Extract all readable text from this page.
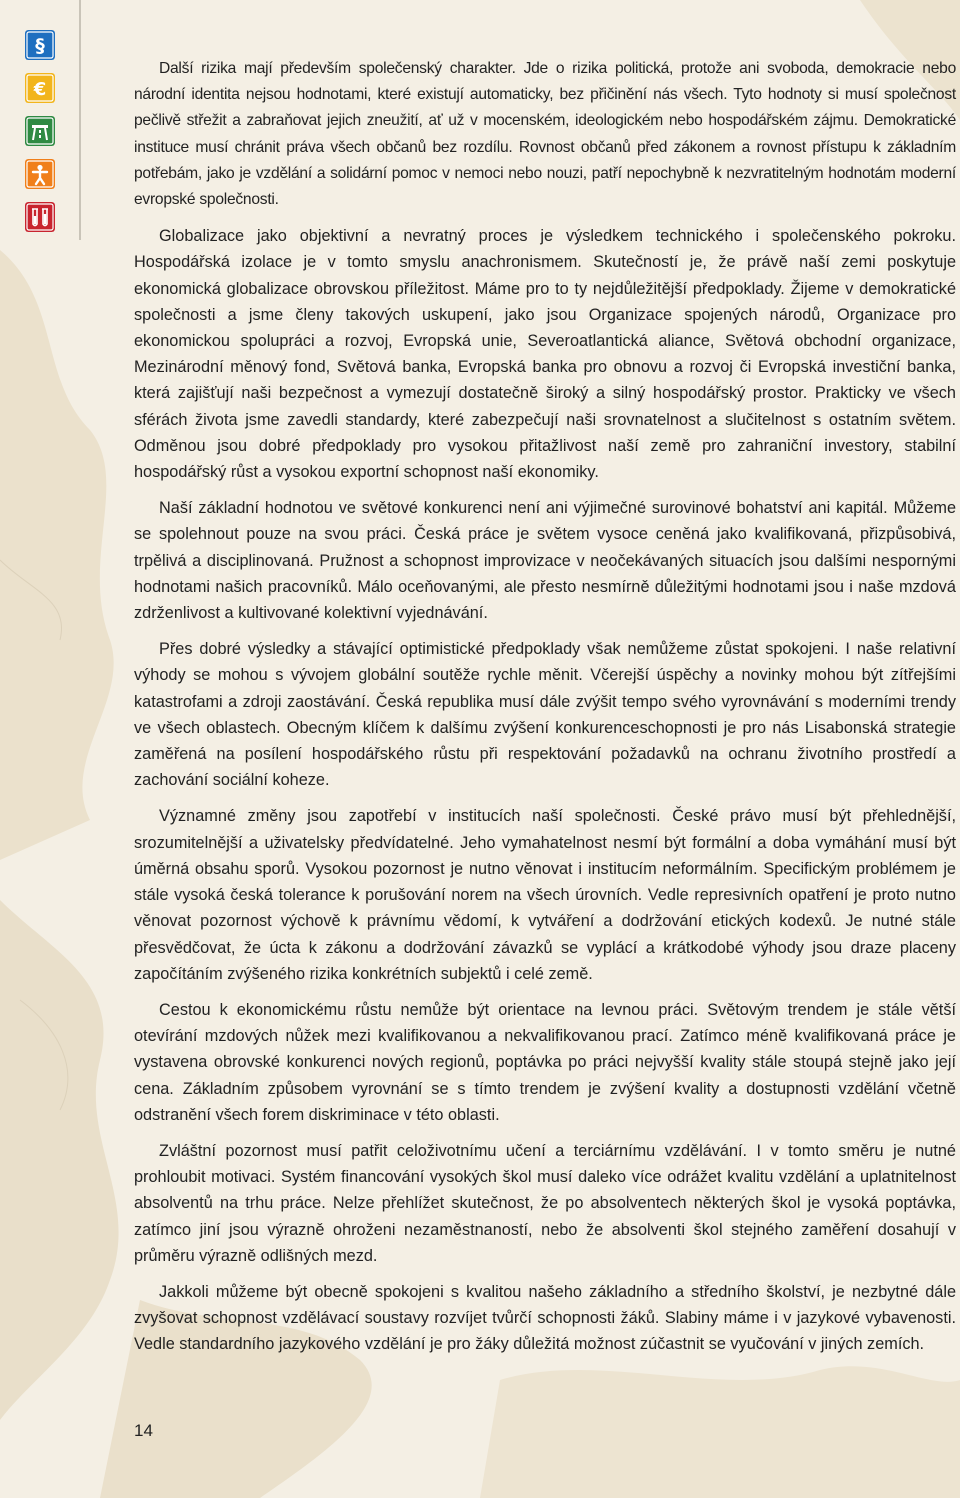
§
€

Další rizika mají především společenský charakter. Jde o rizika politická, protože ani svoboda, demokracie nebo národní identita nejsou hodnotami, které existují automaticky, bez přičinění nás všech. Tyto hodnoty si musí společnost pečlivě střežit a zabraňovat jejich zneužití, ať už v mocenském, ideologickém nebo hospodářském zájmu. Demokratické instituce musí chránit práva všech občanů bez rozdílu. Rovnost občanů před zákonem a rovnost přístupu k základním potřebám, jako je vzdělání a solidární pomoc v nemoci nebo nouzi, patří nepochybně k nezvratitelným hodnotám moderní evropské společnosti.

Globalizace jako objektivní a nevratný proces je výsledkem technického i společenského pokroku. Hospodářská izolace je v tomto smyslu anachronismem. Skutečností je, že právě naší zemi poskytuje ekonomická globalizace obrovskou příležitost. Máme pro to ty nejdůležitější předpoklady. Žijeme v demokratické společnosti a jsme členy takových uskupení, jako jsou Organizace spojených národů, Organizace pro ekonomickou spolupráci a rozvoj, Evropská unie, Severoatlantická aliance, Světová obchodní organizace, Mezinárodní měnový fond, Světová banka, Evropská banka pro obnovu a rozvoj či Evropská investiční banka, která zajišťují naši bezpečnost a vymezují dostatečně široký a silný hospodářský prostor. Prakticky ve všech sférách života jsme zavedli standardy, které zabezpečují naši srovnatelnost a slučitelnost s ostatním světem. Odměnou jsou dobré předpoklady pro vysokou přitažlivost naší země pro zahraniční investory, stabilní hospodářský růst a vysokou exportní schopnost naší ekonomiky.

Naší základní hodnotou ve světové konkurenci není ani výjimečné surovinové bohatství ani kapitál. Můžeme se spolehnout pouze na svou práci. Česká práce je světem vysoce ceněná jako kvalifikovaná, přizpůsobivá, trpělivá a disciplinovaná. Pružnost a schopnost improvizace v neočekávaných situacích jsou dalšími nespornými hodnotami našich pracovníků. Málo oceňovanými, ale přesto nesmírně důležitými hodnotami jsou i naše mzdová zdrženlivost a kultivované kolektivní vyjednávání.

Přes dobré výsledky a stávající optimistické předpoklady však nemůžeme zůstat spokojeni. I naše relativní výhody se mohou s vývojem globální soutěže rychle měnit. Včerejší úspěchy a novinky mohou být zítřejšími katastrofami a zdroji zaostávání. Česká republika musí dále zvýšit tempo svého vyrovnávání s moderními trendy ve všech oblastech. Obecným klíčem k dalšímu zvýšení konkurenceschopnosti je pro nás Lisabonská strategie zaměřená na posílení hospodářského růstu při respektování požadavků na ochranu životního prostředí a zachování sociální koheze.

Významné změny jsou zapotřebí v institucích naší společnosti. České právo musí být přehlednější, srozumitelnější a uživatelsky předvídatelné. Jeho vymahatelnost nesmí být formální a doba vymáhání musí být úměrná obsahu sporů. Vysokou pozornost je nutno věnovat i institucím neformálním. Specifickým problémem je stále vysoká česká tolerance k porušování norem na všech úrovních. Vedle represivních opatření je proto nutno věnovat pozornost výchově k právnímu vědomí, k vytváření a dodržování etických kodexů. Je nutné stále přesvědčovat, že úcta k zákonu a dodržování závazků se vyplácí a krátkodobé výhody jsou draze placeny započítáním zvýšeného rizika konkrétních subjektů i celé země.

Cestou k ekonomickému růstu nemůže být orientace na levnou práci. Světovým trendem je stále větší otevírání mzdových nůžek mezi kvalifikovanou a nekvalifikovanou prací. Zatímco méně kvalifikovaná práce je vystavena obrovské konkurenci nových regionů, poptávka po práci nejvyšší kvality stále stoupá stejně jako její cena. Základním způsobem vyrovnání se s tímto trendem je zvýšení kvality a dostupnosti vzdělání včetně odstranění všech forem diskriminace v této oblasti.

Zvláštní pozornost musí patřit celoživotnímu učení a terciárnímu vzdělávání. I v tomto směru je nutné prohloubit motivaci. Systém financování vysokých škol musí daleko více odrážet kvalitu vzdělání a uplatnitelnost absolventů na trhu práce. Nelze přehlížet skutečnost, že po absolventech některých škol je vysoká poptávka, zatímco jiní jsou výrazně ohroženi nezaměstnaností, nebo že absolventi škol stejného zaměření dosahují v průměru výrazně odlišných mezd.

Jakkoli můžeme být obecně spokojeni s kvalitou našeho základního a středního školství, je nezbytné dále zvyšovat schopnost vzdělávací soustavy rozvíjet tvůrčí schopnosti žáků. Slabiny máme i v jazykové vybavenosti. Vedle standardního jazykového vzdělání je pro žáky důležitá možnost zúčastnit se vyučování v jiných zemích.

14
